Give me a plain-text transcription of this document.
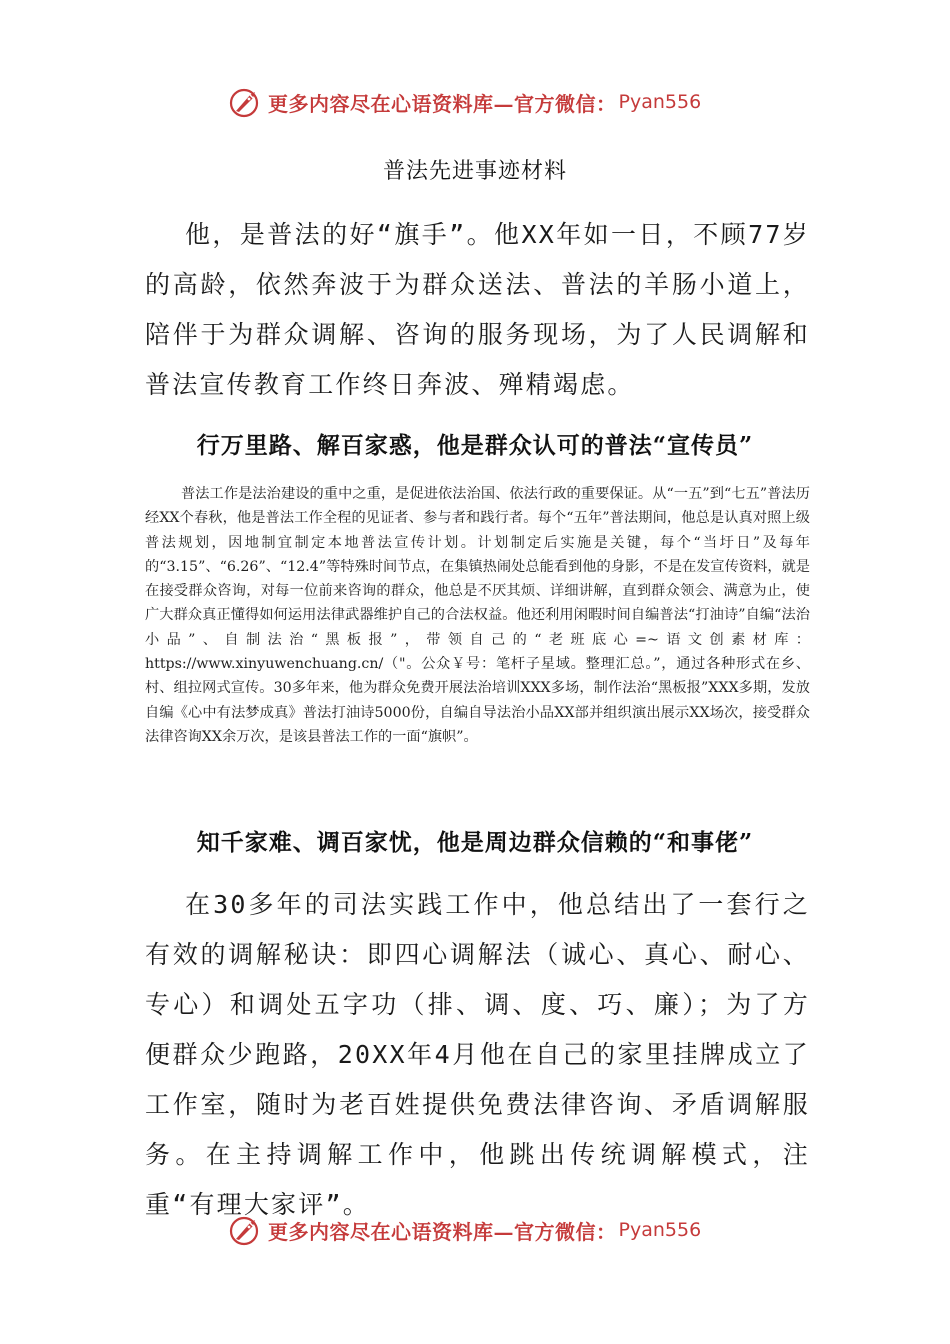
更多内容尽在心语资料库—官方微信： Pyan556
普法先进事迹材料

他，是普法的好“旗手”。他XX年如一日，不顾77岁的高龄，依然奔波于为群众送法、普法的羊肠小道上，陪伴于为群众调解、咨询的服务现场，为了人民调解和普法宣传教育工作终日奔波、殚精竭虑。

行万里路、解百家惑，他是群众认可的普法“宣传员”

普法工作是法治建设的重中之重，是促进依法治国、依法行政的重要保证。从“一五”到“七五”普法历经XX个春秋，他是普法工作全程的见证者、参与者和践行者。每个“五年”普法期间，他总是认真对照上级普法规划，因地制宜制定本地普法宣传计划。计划制定后实施是关键，每个“当圩日”及每年的“3.15”、“6.26”、“12.4”等特殊时间节点，在集镇热闹处总能看到他的身影，不是在发宣传资料，就是在接受群众咨询，对每一位前来咨询的群众，他总是不厌其烦、详细讲解，直到群众领会、满意为止，使广大群众真正懂得如何运用法律武器维护自己的合法权益。他还利用闲暇时间自编普法“打油诗”自编“法治小品”、自制法治“黑板报”，带领自己的“老班底心=~语文创素材库：https://www.xinyuwenchuang.cn/（"。公众￥号：笔杆子星域。整理汇总。”，通过各种形式在乡、村、组拉网式宣传。30多年来，他为群众免费开展法治培训XXX多场，制作法治“黑板报”XXX多期，发放自编《心中有法梦成真》普法打油诗5000份，自编自导法治小品XX部并组织演出展示XX场次，接受群众法律咨询XX余万次，是该县普法工作的一面“旗帜”。

知千家难、调百家忧，他是周边群众信赖的“和事佬”

在30多年的司法实践工作中，他总结出了一套行之有效的调解秘诀：即四心调解法（诚心、真心、耐心、专心）和调处五字功（排、调、度、巧、廉）；为了方便群众少跑路，20XX年4月他在自己的家里挂牌成立了工作室，随时为老百姓提供免费法律咨询、矛盾调解服务。在主持调解工作中，他跳出传统调解模式，注重“有理大家评”。

更多内容尽在心语资料库—官方微信： Pyan556
